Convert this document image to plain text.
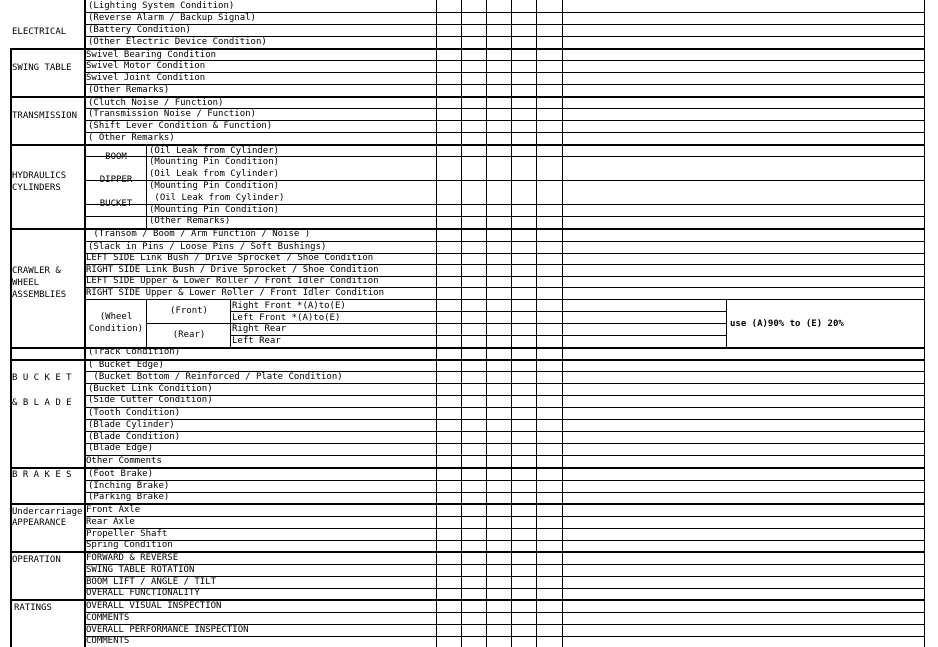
ELECTRICAL
SWING TABLE
TRANSMISSION
HYDRAULICS
CYLINDERS
CRAWLER &
WHEEL
ASSEMBLIES
B U C K E T
& B L A D E
B R A K E S
Undercarriage
APPEARANCE
OPERATION
RATINGS
(Lighting System Condition)
(Reverse Alarm / Backup Signal)
(Battery Condition)
(Other Electric Device Condition)
Swivel Bearing Condition
Swivel Motor Condition
Swivel Joint Condition
(Other Remarks)
(Clutch Noise / Function)
(Transmission Noise / Function)
(Shift Lever Condition & Function)
( Other Remarks)
BOOM
DIPPER
BUCKET
(Oil Leak from Cylinder)
(Mounting Pin Condition)
(Oil Leak from Cylinder)
(Mounting Pin Condition)
(Oil Leak from Cylinder)
(Mounting Pin Condition)
(Other Remarks)
(Transom / Boom / Arm Function / Noise )
(Slack in Pins / Loose Pins / Soft Bushings)
LEFT SIDE Link Bush / Drive Sprocket / Shoe Condition
RIGHT SIDE Link Bush / Drive Sprocket / Shoe Condition
LEFT SIDE Upper & Lower Roller / Front Idler Condition
RIGHT SIDE Upper & Lower Roller / Front Idler Condition
(Wheel
Condition)
(Front)
(Rear)
Right Front *(A)to(E)
Left Front *(A)to(E)
Right Rear
Left Rear
use (A)90% to (E) 20%
(Track Condition)
( Bucket Edge)
(Bucket Bottom / Reinforced / Plate Condition)
(Bucket Link Condition)
(Side Cutter Condition)
(Tooth Condition)
(Blade Cylinder)
(Blade Condition)
(Blade Edge)
Other Comments
(Foot Brake)
(Inching Brake)
(Parking Brake)
Front Axle
Rear Axle
Propeller Shaft
Spring Condition
FORWARD & REVERSE
SWING TABLE ROTATION
BOOM LIFT / ANGLE / TILT
OVERALL FUNCTIONALITY
OVERALL VISUAL INSPECTION
COMMENTS
OVERALL PERFORMANCE INSPECTION
COMMENTS
